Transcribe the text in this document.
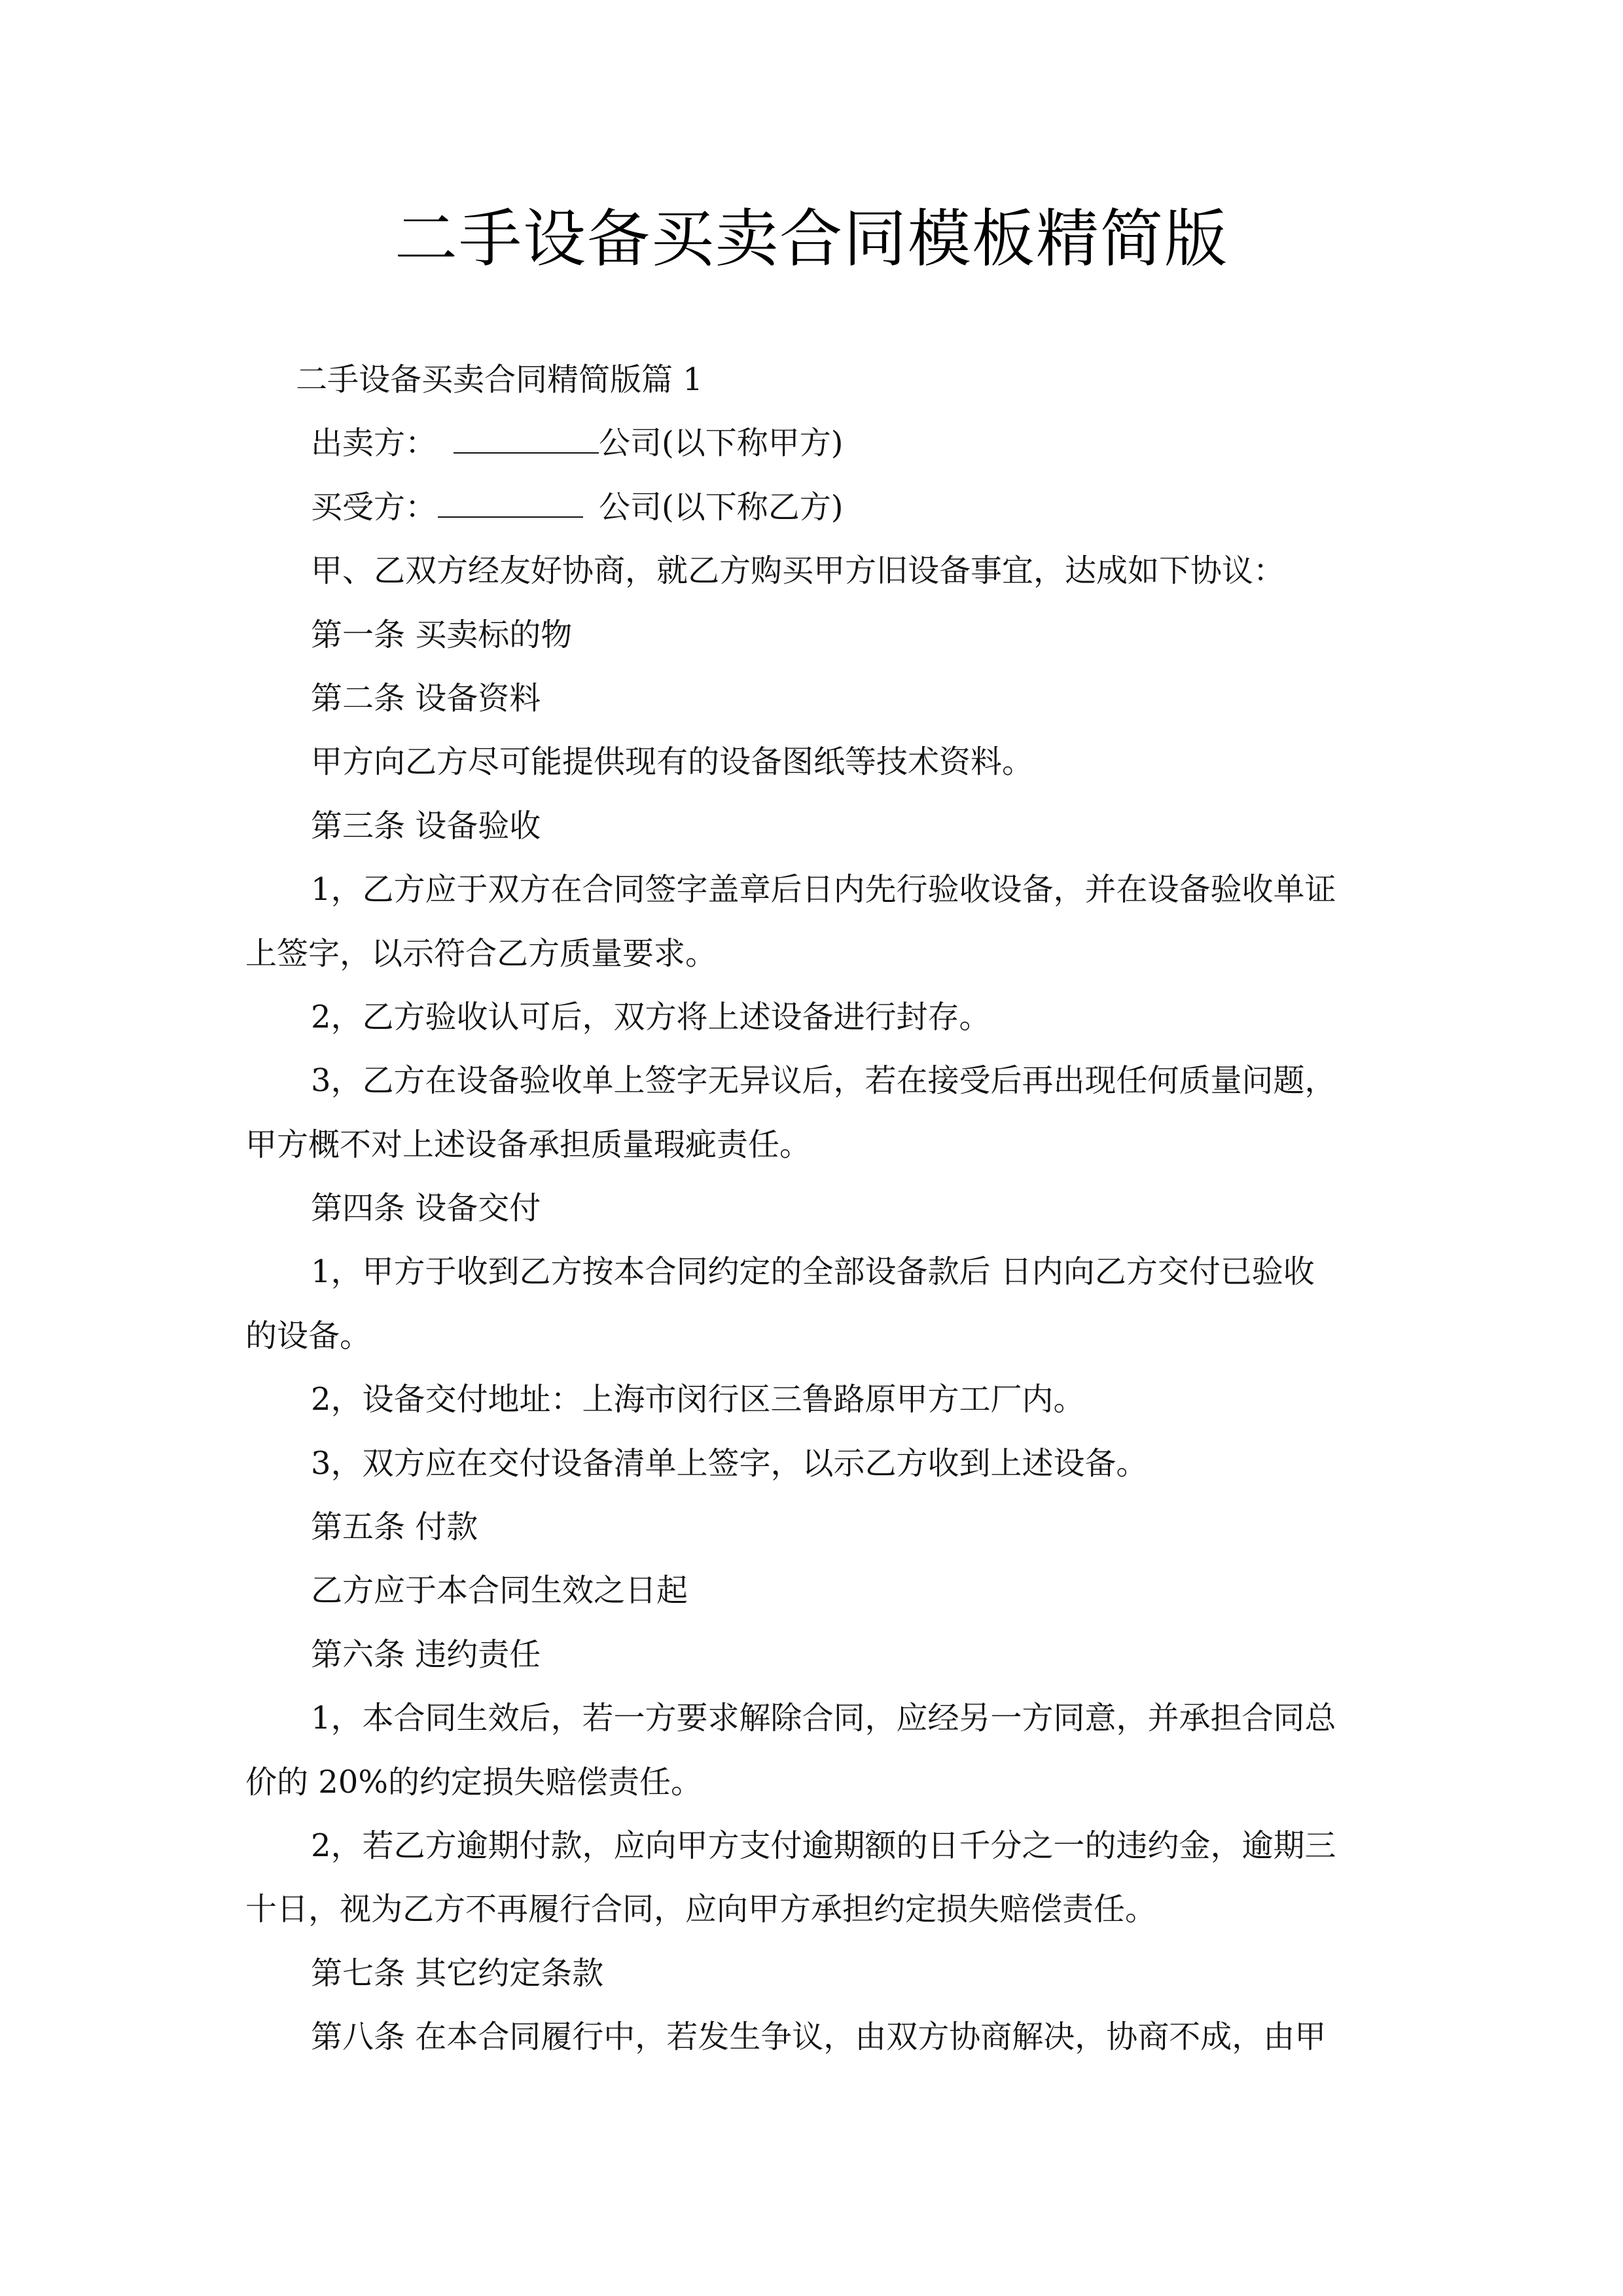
二手设备买卖合同模板精简版
二手设备买卖合同精简版篇 1
出卖方：	公司(以下称甲方)
买受方：	公司(以下称乙方)
甲、乙双方经友好协商，就乙方购买甲方旧设备事宜，达成如下协议：
第一条 买卖标的物
第二条 设备资料
甲方向乙方尽可能提供现有的设备图纸等技术资料。
第三条 设备验收
1，乙方应于双方在合同签字盖章后日内先行验收设备，并在设备验收单证
上签字，以示符合乙方质量要求。
2，乙方验收认可后，双方将上述设备进行封存。
3，乙方在设备验收单上签字无异议后，若在接受后再出现任何质量问题，
甲方概不对上述设备承担质量瑕疵责任。
第四条 设备交付
1，甲方于收到乙方按本合同约定的全部设备款后 日内向乙方交付已验收
的设备。
2，设备交付地址：上海市闵行区三鲁路原甲方工厂内。
3，双方应在交付设备清单上签字，以示乙方收到上述设备。
第五条 付款
乙方应于本合同生效之日起
第六条 违约责任
1，本合同生效后，若一方要求解除合同，应经另一方同意，并承担合同总
价的 20%的约定损失赔偿责任。
2，若乙方逾期付款，应向甲方支付逾期额的日千分之一的违约金，逾期三
十日，视为乙方不再履行合同，应向甲方承担约定损失赔偿责任。
第七条 其它约定条款
第八条 在本合同履行中，若发生争议，由双方协商解决，协商不成，由甲
